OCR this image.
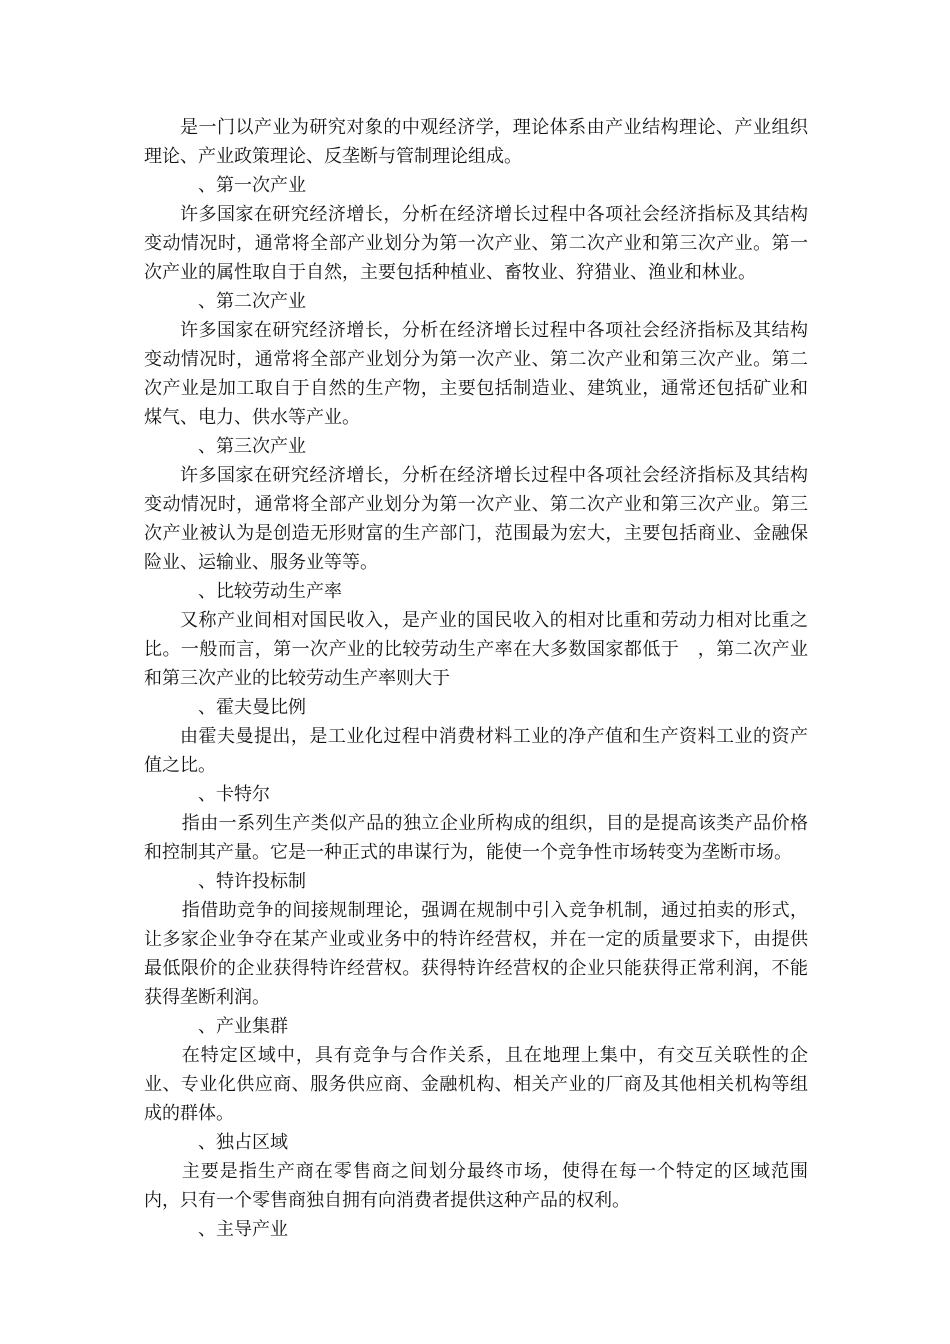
是一门以产业为研究对象的中观经济学，理论体系由产业结构理论、产业组织理论、产业政策理论、反垄断与管制理论组成。

、第一次产业

许多国家在研究经济增长，分析在经济增长过程中各项社会经济指标及其结构变动情况时，通常将全部产业划分为第一次产业、第二次产业和第三次产业。第一次产业的属性取自于自然，主要包括种植业、畜牧业、狩猎业、渔业和林业。

、第二次产业

许多国家在研究经济增长，分析在经济增长过程中各项社会经济指标及其结构变动情况时，通常将全部产业划分为第一次产业、第二次产业和第三次产业。第二次产业是加工取自于自然的生产物，主要包括制造业、建筑业，通常还包括矿业和煤气、电力、供水等产业。

、第三次产业

许多国家在研究经济增长，分析在经济增长过程中各项社会经济指标及其结构变动情况时，通常将全部产业划分为第一次产业、第二次产业和第三次产业。第三次产业被认为是创造无形财富的生产部门，范围最为宏大，主要包括商业、金融保险业、运输业、服务业等等。

、比较劳动生产率

又称产业间相对国民收入，是产业的国民收入的相对比重和劳动力相对比重之比。一般而言，第一次产业的比较劳动生产率在大多数国家都低于　，第二次产业和第三次产业的比较劳动生产率则大于

、霍夫曼比例

由霍夫曼提出，是工业化过程中消费材料工业的净产值和生产资料工业的资产值之比。

、卡特尔

指由一系列生产类似产品的独立企业所构成的组织，目的是提高该类产品价格和控制其产量。它是一种正式的串谋行为，能使一个竞争性市场转变为垄断市场。

、特许投标制

指借助竞争的间接规制理论，强调在规制中引入竞争机制，通过拍卖的形式，让多家企业争夺在某产业或业务中的特许经营权，并在一定的质量要求下，由提供最低限价的企业获得特许经营权。获得特许经营权的企业只能获得正常利润，不能获得垄断利润。

、产业集群

在特定区域中，具有竞争与合作关系，且在地理上集中，有交互关联性的企业、专业化供应商、服务供应商、金融机构、相关产业的厂商及其他相关机构等组成的群体。

、独占区域

主要是指生产商在零售商之间划分最终市场，使得在每一个特定的区域范围内，只有一个零售商独自拥有向消费者提供这种产品的权利。

、主导产业
